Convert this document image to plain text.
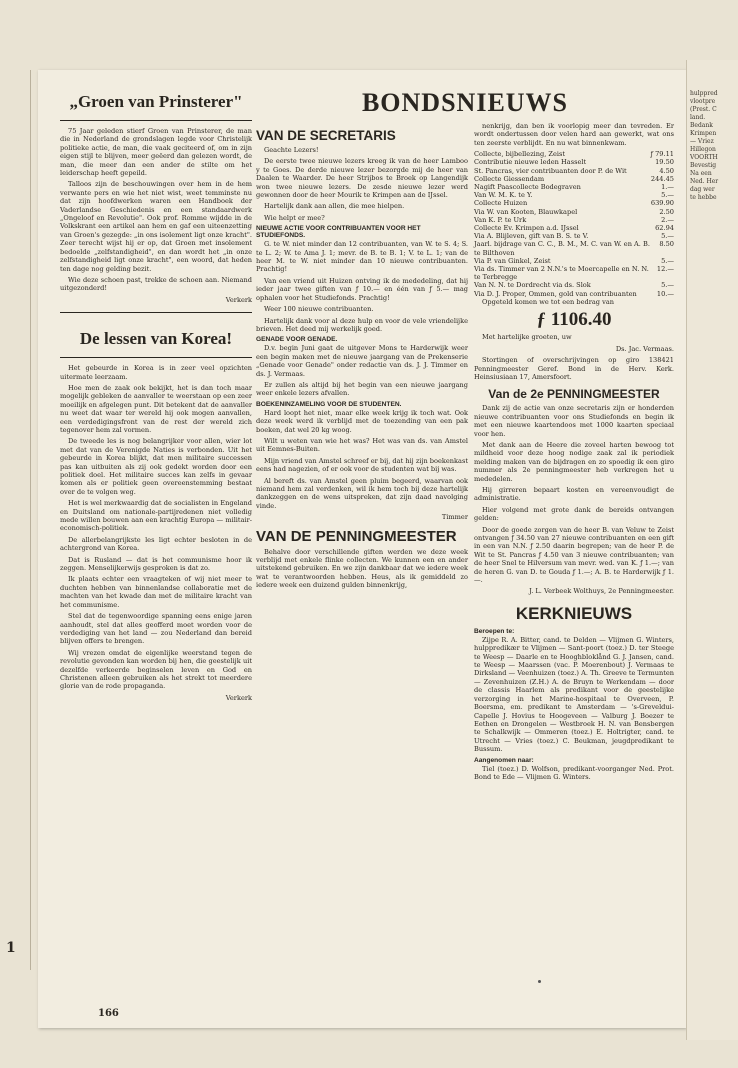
1
BONDSNIEUWS
„Groen van Prinsterer"

75 Jaar geleden stierf Groen van Prinsterer, de man die in Nederland de grondslagen legde voor Christelijk politieke actie, de man, die vaak geciteerd of, om in zijn eigen stijl te blijven, meer geëerd dan gelezen wordt, de man, die meer dan een ander de stilte om het leiderschap heeft gepeild.

Talloos zijn de beschouwingen over hem in de hem verwante pers en wie het niet wist, weet temminste nu dat zijn hoofdwerken waren een Handboek der Vaderlandse Geschiedenis en een standaardwerk „Ongeloof en Revolutie". Ook prof. Romme wijdde in de Volkskrant een artikel aan hem en gaf een uiteenzetting van Groen's gezegde: „in ons isolement ligt onze kracht". Zeer terecht wijst hij er op, dat Groen met insolement bedoelde „zelfstandigheid", en dan wordt het „in onze zelfstandigheid ligt onze kracht", een woord, dat heden ten dage nog gelding bezit.

Wie deze schoen past, trekke de schoen aan. Niemand uitgezonderd!

Verkerk

De lessen van Korea!

Het gebeurde in Korea is in zeer veel opzichten uitermate leerzaam.

Hoe men de zaak ook bekijkt, het is dan toch maar mogelijk gebleken de aanvaller te weerstaan op een zeer moeilijk en afgelegen punt. Dit betekent dat de aanvaller nu weet dat waar ter wereld hij ook mogen aanvallen, een verdedigingsfront van de rest der wereld zich tegenover hem zal vormen.

De tweede les is nog belangrijker voor allen, wier lot met dat van de Verenigde Naties is verbonden. Uit het gebeurde in Korea blijkt, dat men militaire successen pas kan uitbuiten als zij ook gedekt worden door een politiek doel. Het militaire succes kan zelfs in gevaar komen als er politiek geen overeenstemming bestaat over de te volgen weg.

Het is wel merkwaardig dat de socialisten in Engeland en Duitsland om nationale-partijredenen niet volledig mede willen bouwen aan een krachtig Europa — militair-economisch-politiek.

De allerbelangrijkste les ligt echter besloten in de achtergrond van Korea.

Dat is Rusland — dat is het communisme hoor ik zeggen. Menselijkerwijs gesproken is dat zo.

Ik plaats echter een vraagteken of wij niet meer te duchten hebben van binnenlandse collaboratie met de machten van het kwade dan met de militaire kracht van het communisme.

Stel dat de tegenwoordige spanning eens enige jaren aanhoudt, stel dat alles geofferd moet worden voor de verdediging van het land — zou Nederland dan bereid blijven offers te brengen.

Wij vrezen omdat de eigenlijke weerstand tegen de revolutie gevonden kan worden bij hen, die geestelijk uit dezelfde verkeerde beginselen leven en God en Christenen alleen gebruiken als het strekt tot meerdere glorie van de rode propaganda.

Verkerk

VAN DE SECRETARIS

Geachte Lezers!

De eerste twee nieuwe lezers kreeg ik van de heer Lamboo y te Goes. De derde nieuwe lezer bezorgde mij de heer van Daalen te Waarder. De heer Strijbos te Broek op Langendijk won twee nieuwe lezers. De zesde nieuwe lezer werd gewonnen door de heer Mourik te Krimpen aan de IJssel.

Hartelijk dank aan allen, die mee hielpen.

Wie helpt er mee?

NIEUWE ACTIE VOOR CONTRIBUANTEN VOOR HET STUDIEFONDS.

G. te W. niet minder dan 12 contribuanten, van W. te S. 4; S. te L. 2; W. te Ama J. 1; mevr. de B. te B. 1; V. te L. 1; van de heer M. te W. niet minder dan 10 nieuwe contribuanten. Prachtig!

Van een vriend uit Huizen ontving ik de mededeling, dat hij ieder jaar twee giften van ƒ 10.— en één van ƒ 5.— mag ophalen voor het Studiefonds. Prachtig!

Weer 100 nieuwe contribuanten.

Hartelijk dank voor al deze hulp en voor de vele vriendelijke brieven. Het deed mij werkelijk goed.

GENADE VOOR GENADE.

D.v. begin Juni gaat de uitgever Mons te Harderwijk weer een begin maken met de nieuwe jaargang van de Prekenserie „Genade voor Genade" onder redactie van ds. J. J. Timmer en ds. J. Vermaas.

Er zullen als altijd bij het begin van een nieuwe jaargang weer enkele lezers afvallen.

BOEKENINZAMELING VOOR DE STUDENTEN.

Hard loopt het niet, maar elke week krijg ik toch wat. Ook deze week werd ik verblijd met de toezending van een pak boeken, dat wel 20 kg woog.

Wilt u weten van wie het was? Het was van ds. van Amstel uit Eemnes-Buiten.

Mijn vriend van Amstel schreef er bij, dat hij zijn boekenkast eens had nagezien, of er ook voor de studenten wat bij was.

Al bereft ds. van Amstel geen pluim begeerd, waarvan ook niemand hem zal verdenken, wil ik hem toch bij deze hartelijk dankzeggen en de wens uitspreken, dat zijn daad navolging vinde.

Timmer

VAN DE PENNINGMEESTER

Behalve door verschillende giften werden we deze week verblijd met enkele flinke collecten. We kunnen een en ander uitstekend gebruiken. En we zijn dankbaar dat we iedere week wat te verantwoorden hebben. Heus, als ik gemiddeld zo iedere week een duizend gulden binnenkrijg,

nenkrijg, dan ben ik voorlopig meer dan tevreden. Er wordt ondertussen door velen hard aan gewerkt, wat ons ten zeerste verblijdt. En nu wat binnenkwam.

Collecte, bijbellezing, Zeist	ƒ 79.11
Contributie nieuwe leden Hasselt	19.50
St. Pancras, vier contribuanten door P. de Wit	4.50
Collecte Giessendam	244.45
Nagift Paascollecte Bodegraven	1.—
Van W. M. K. te Y.	5.—
Collecte Huizen	639.90
Via W. van Kooten, Blauwkapel	2.50
Van K. P. te Urk	2.—
Collecte Ev. Krimpen a.d. IJssel	62.94
Via A. Blijleven, gift van B. S. te V.	5.—
Jaarl. bijdrage van C. C., B. M., M. C. van W. en A. B. te Bilthoven
8.50
Via P. van Ginkel, Zeist	5.—
Via ds. Timmer van 2 N.N.'s te Moercapelle en N. N. te Terbregge
12.—
Van N. N. te Dordrecht via ds. Slok	5.—
Via D. J. Proper, Ommen, gold van contribuanten	10.—

Opgeteld komen we tot een bedrag van

ƒ 1106.40

Met hartelijke groeten, uw

Ds. Jac. Vermaas.

Stortingen of overschrijvingen op giro 138421 Penningmeester Geref. Bond in de Herv. Kerk. Heinsiusiaan 17, Amersfoort.

Van de 2e PENNINGMEESTER

Dank zij de actie van onze secretaris zijn er honderden nieuwe contribuanten voor ons Studiefonds en begin ik met een nieuwe kaartendoos met 1000 kaarten speciaal voor hen.

Met dank aan de Heere die zoveel harten bewoog tot mildheid voor deze hoog nodige zaak zal ik periodiek melding maken van de bijdragen en zo spoedig ik een giro nummer als 2e penningmeester heb verkregen het u mededelen.

Hij girreren bepaart kosten en vereenvoudigt de administratie.

Hier volgend met grote dank de bereids ontvangen gelden:

Door de goede zorgen van de heer B. van Veluw te Zeist ontvangen ƒ 34.50 van 27 nieuwe contribuanten en een gift in een van N.N. ƒ 2.50 daarin begrepen; van de heer P. de Wit te St. Pancras ƒ 4.50 van 3 nieuwe contribuanten; van de heer Snel te Hilversum van mevr. wed. van K. ƒ 1.—; van de heren G. van D. te Gouda ƒ 1.—; A. B. te Harderwijk ƒ 1.—.

J. L. Verbeek Wolthuys, 2e Penningmeester.

KERKNIEUWS
Beroepen te:

Zijpe R. A. Bitter, cand. te Delden — Vlijmen G. Winters, hulppredikær te Vlijmen — Sant-poort (toez.) D. ter Steege te Weesp — Daarle en te Hooghbloklånd G. J. Jansen, cand. te Weesp — Maarssen (vac. P. Moerenbout) J. Vermaas te Dirksland — Veenhuizen (toez.) A. Th. Greeve te Termunten — Zevenhuizen (Z.H.) A. de Bruyn te Werkendam — door de classis Haarlem als predikant voor de geestelijke verzorging in het Marine-hospitaal te Overveen, P. Boersma, em. predikant te Amsterdam — 's-Greveldui-Capelle J. Hovius te Hoogeveen — Valburg J. Boezer te Eethen en Drongelen — Westbroek H. N. van Bensbergen te Schalkwijk — Ommeren (toez.) E. Holtrigter, cand. te Utrecht — Vries (toez.) C. Beukman, jeugdpredikant te Bussum.

Aangenomen naar:

Tiel (toez.) D. Wolfson, predikant-voorganger Ned. Prot. Bond te Ede — Vlijmen G. Winters.

166
hulppred
vlootpre
(Prest. C
land.
Bedank
Krimpen
— Vriez
Hillegon
VOORTH
Bevestig
Na een
Ned. Her
dag wer
te hebbe
